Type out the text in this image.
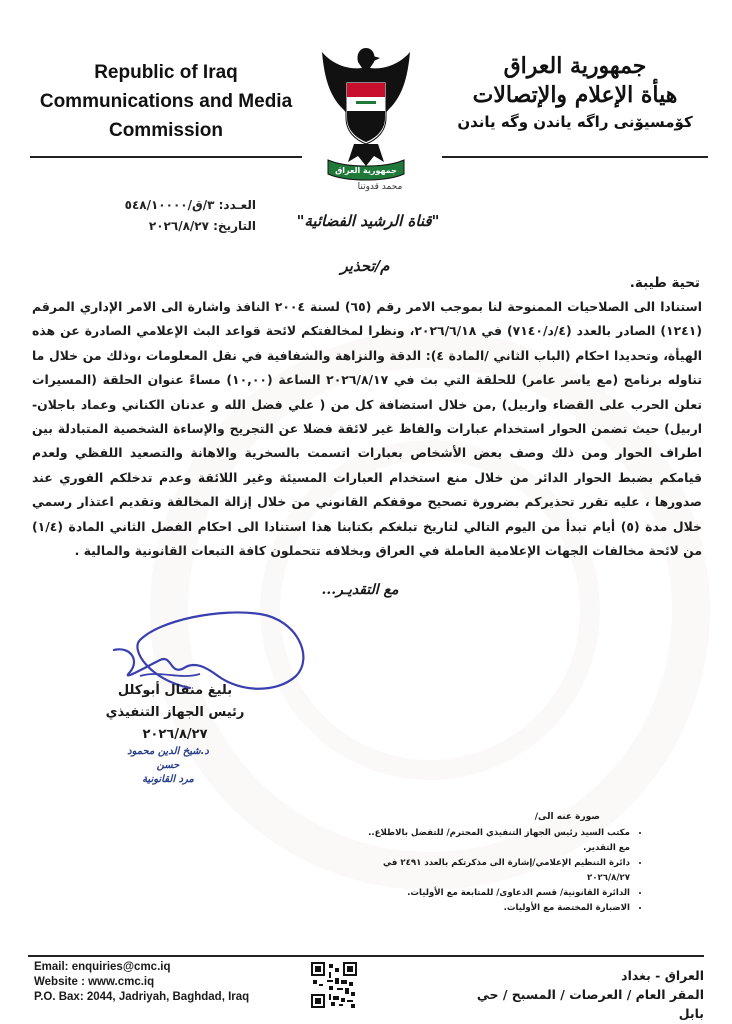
Republic of Iraq
Communications and Media
Commission
جمهورية العراق
محمد قدوتنا
جمهورية العراق
هيأة الإعلام والإتصالات
كۆمسيۆنی راگه یاندن وگه یاندن
العـدد: ٣/ق/٥٤٨/١٠٠٠٠
التاريخ: ٢٠٢٦/٨/٢٧	"قناة الرشيد الفضائية"
م/تحذير
تحية طيبة.
استنادا الى الصلاحيات الممنوحة لنا بموجب الامر رقم (٦٥) لسنة ٢٠٠٤ النافذ واشارة الى الامر الإداري المرقم (١٢٤١) الصادر بالعدد (٤/د/٧١٤٠) في ٢٠٢٦/٦/١٨، ونظرا لمخالفتكم لائحة قواعد البث الإعلامي الصادرة عن هذه الهيأة، وتحديدا احكام (الباب الثاني /المادة ٤): الدقة والنزاهة والشفافية في نقل المعلومات ،وذلك من خلال ما تناوله برنامج (مع ياسر عامر) للحلقة التي بث في ٢٠٢٦/٨/١٧ الساعة (١٠,٠٠) مساءً عنوان الحلقة (المسيرات تعلن الحرب على القضاء واربيل) ,من خلال استضافة كل من ( علي فضل الله و عدنان الكناني وعماد باجلان-اربيل) حيث تضمن الحوار استخدام عبارات والفاظ غير لائقة فضلا عن التجريح والإساءة الشخصية المتبادلة بين اطراف الحوار ومن ذلك وصف بعض الأشخاص بعبارات اتسمت بالسخرية والاهانة والتصعيد اللفظي ولعدم قيامكم بضبط الحوار الدائر من خلال منع استخدام العبارات المسيئة وغير اللائقة وعدم تدخلكم الفوري عند صدورها ، عليه تقرر تحذيركم بضرورة تصحيح موقفكم القانوني من خلال إزالة المخالفة وتقديم اعتذار رسمي خلال مدة (٥) أيام تبدأ من اليوم التالي لتاريخ تبلغكم بكتابنا هذا استنادا الى احكام الفصل الثاني المادة (١/٤) من لائحة مخالفات الجهات الإعلامية العاملة في العراق وبخلافه تتحملون كافة التبعات القانونية والمالية .
مع التقديـر...
بليغ منقال أبوكلل
رئيس الجهاز التنفيذي
٢٠٢٦/٨/٢٧
د.شيخ الدين محمود حسن
مرد القانونية
صورة عنه الى/
• مكتب السيد رئيس الجهاز التنفيذي المحترم/ للتفضل بالاطلاع.. مع التقدير.
• دائرة التنظيم الإعلامي/إشارة الى مذكرتكم بالعدد ٢٤٩١ في ٢٠٢٦/٨/٢٧
• الدائرة القانونية/ قسم الدعاوى/ للمتابعة مع الأوليات.
• الاضبارة المختصة مع الأوليات.
Email: enquiries@cmc.iq
Website : www.cmc.iq
P.O. Bax: 2044, Jadriyah, Baghdad, Iraq
العراق - بغداد
المقر العام / العرصات / المسبح / حي بابل
